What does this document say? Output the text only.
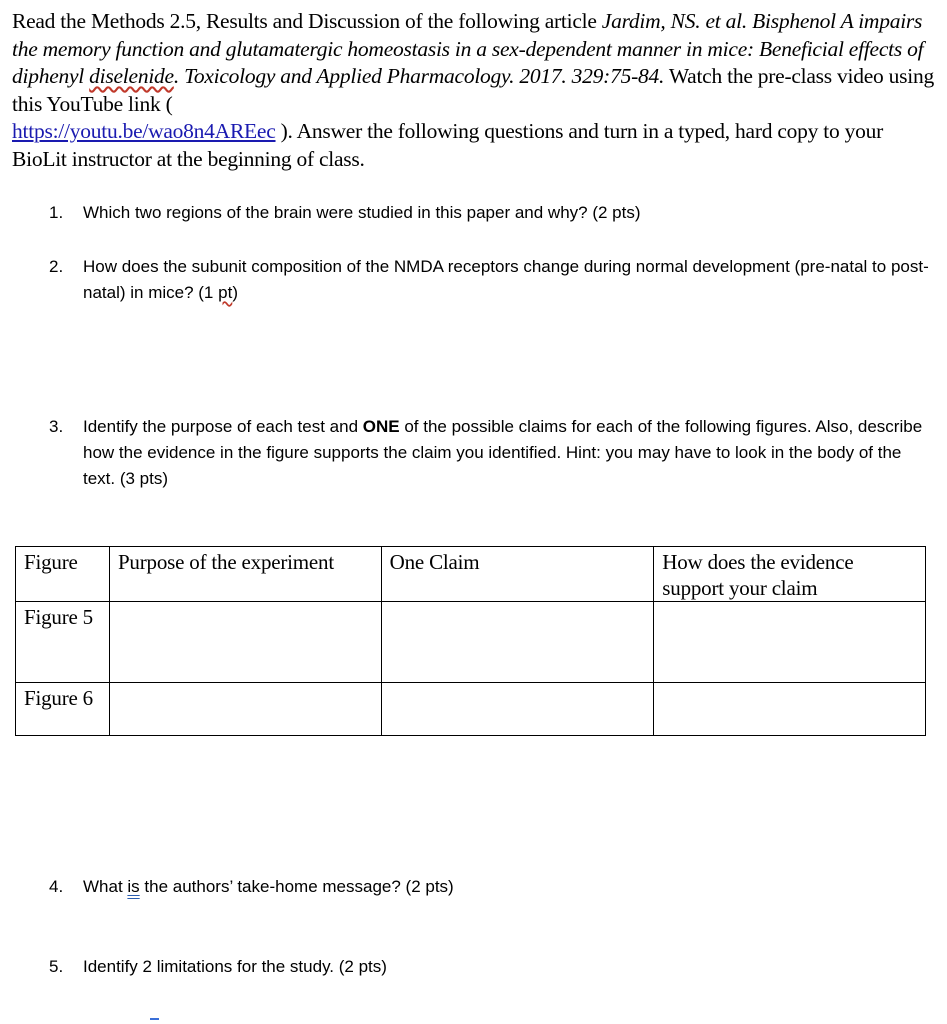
Read the Methods 2.5, Results and Discussion of the following article Jardim, NS. et al. Bisphenol A impairs the memory function and glutamatergic homeostasis in a sex-dependent manner in mice: Beneficial effects of diphenyl diselenide. Toxicology and Applied Pharmacology. 2017. 329:75-84. Watch the pre-class video using this YouTube link (
https://youtu.be/wao8n4AREec ). Answer the following questions and turn in a typed, hard copy to your BioLit instructor at the beginning of class.
1. Which two regions of the brain were studied in this paper and why? (2 pts)
2. How does the subunit composition of the NMDA receptors change during normal development (pre-natal to post-natal) in mice? (1 pt)
3. Identify the purpose of each test and ONE of the possible claims for each of the following figures. Also, describe how the evidence in the figure supports the claim you identified. Hint: you may have to look in the body of the text. (3 pts)
Figure	Purpose of the experiment	One Claim	How does the evidence support your claim
Figure 5			
Figure 6			
4. What is the authors’ take-home message? (2 pts)
5. Identify 2 limitations for the study. (2 pts)
